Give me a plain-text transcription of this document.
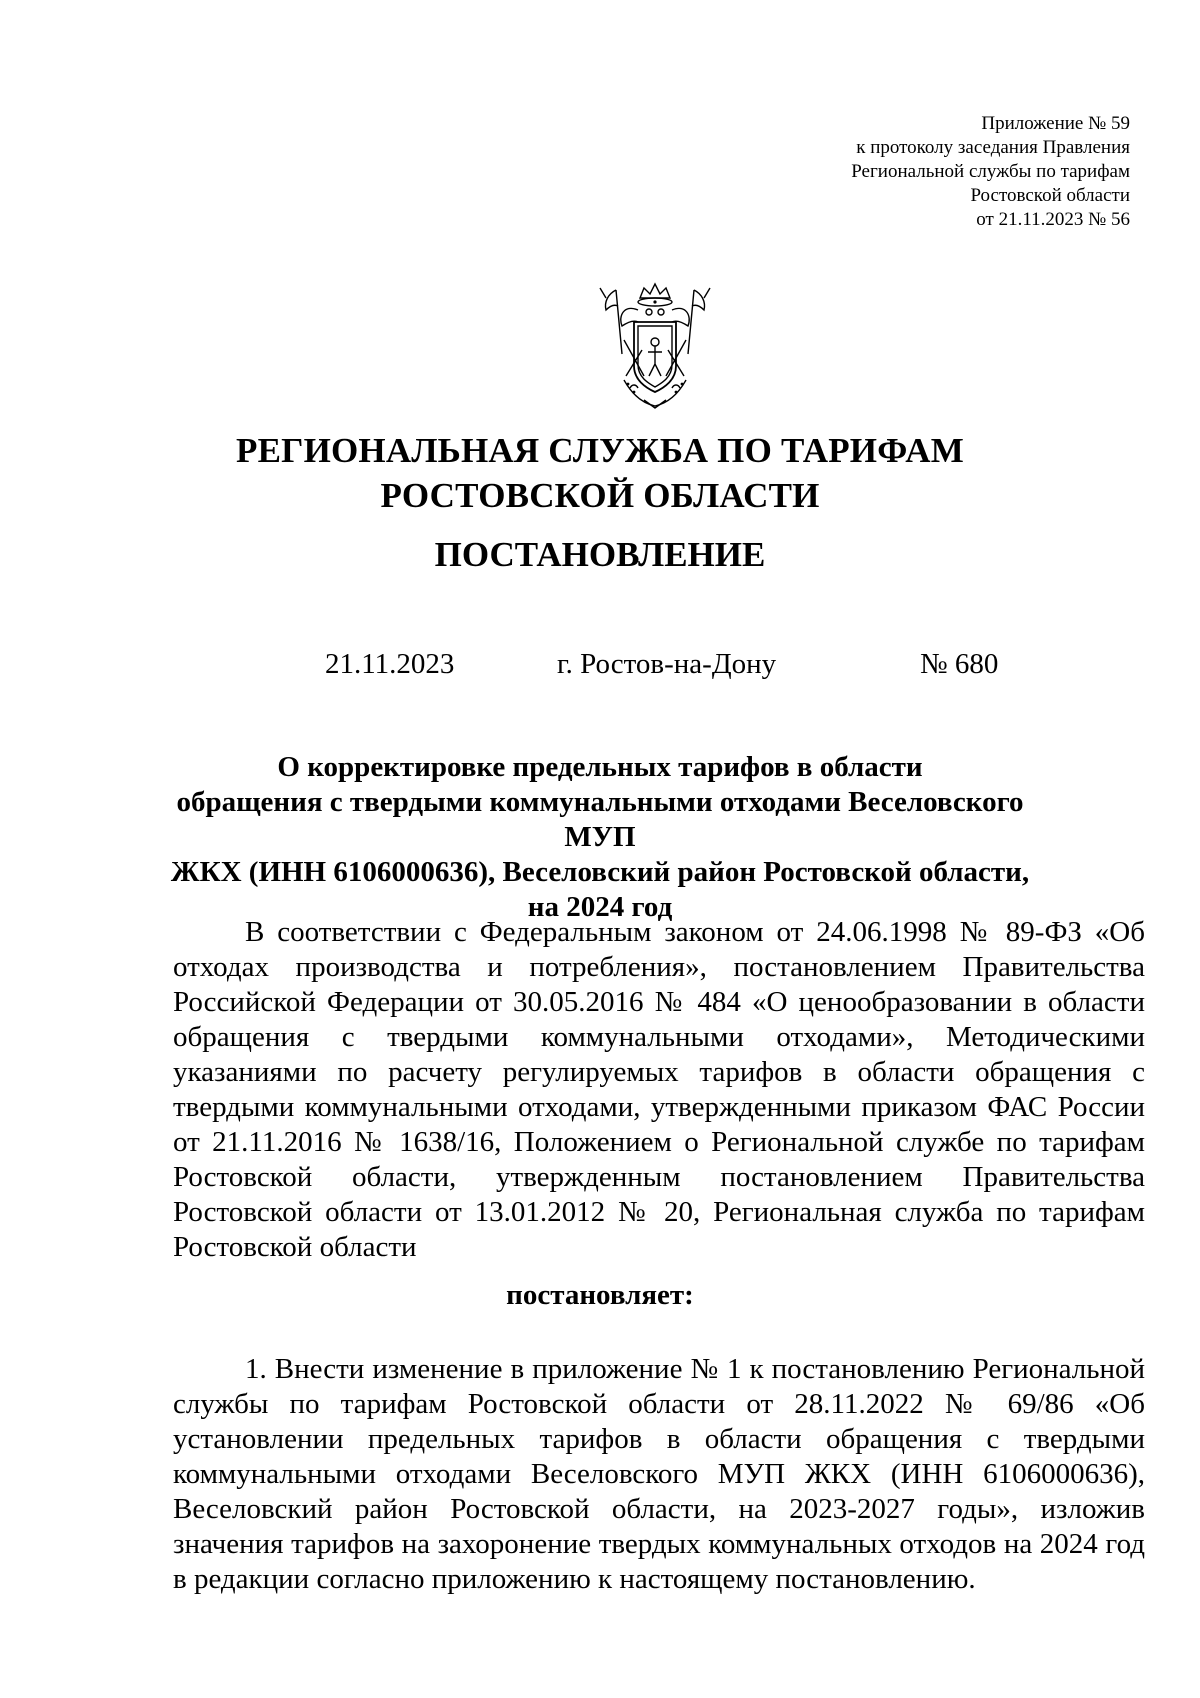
Приложение № 59
к протоколу заседания Правления
Региональной службы по тарифам
Ростовской области
от 21.11.2023 № 56
РЕГИОНАЛЬНАЯ СЛУЖБА ПО ТАРИФАМ
РОСТОВСКОЙ ОБЛАСТИ
ПОСТАНОВЛЕНИЕ
21.11.2023	г. Ростов-на-Дону	№ 680
О корректировке предельных тарифов в области
обращения с твердыми коммунальными отходами Веселовского МУП
ЖКХ (ИНН 6106000636), Веселовский район Ростовской области,
на 2024 год

В соответствии с Федеральным законом от 24.06.1998 № 89-ФЗ «Об отходах производства и потребления», постановлением Правительства Российской Федерации от 30.05.2016 № 484 «О ценообразовании в области обращения с твердыми коммунальными отходами», Методическими указаниями по расчету регулируемых тарифов в области обращения с твердыми коммунальными отходами, утвержденными приказом ФАС России от 21.11.2016 № 1638/16, Положением о Региональной службе по тарифам Ростовской области, утвержденным постановлением Правительства Ростовской области от 13.01.2012 № 20, Региональная служба по тарифам Ростовской области

постановляет:

1. Внести изменение в приложение № 1 к постановлению Региональной службы по тарифам Ростовской области от 28.11.2022 № 69/86 «Об установлении предельных тарифов в области обращения с твердыми коммунальными отходами Веселовского МУП ЖКХ (ИНН 6106000636), Веселовский район Ростовской области, на 2023-2027 годы», изложив значения тарифов на захоронение твердых коммунальных отходов на 2024 год в редакции согласно приложению к настоящему постановлению.
